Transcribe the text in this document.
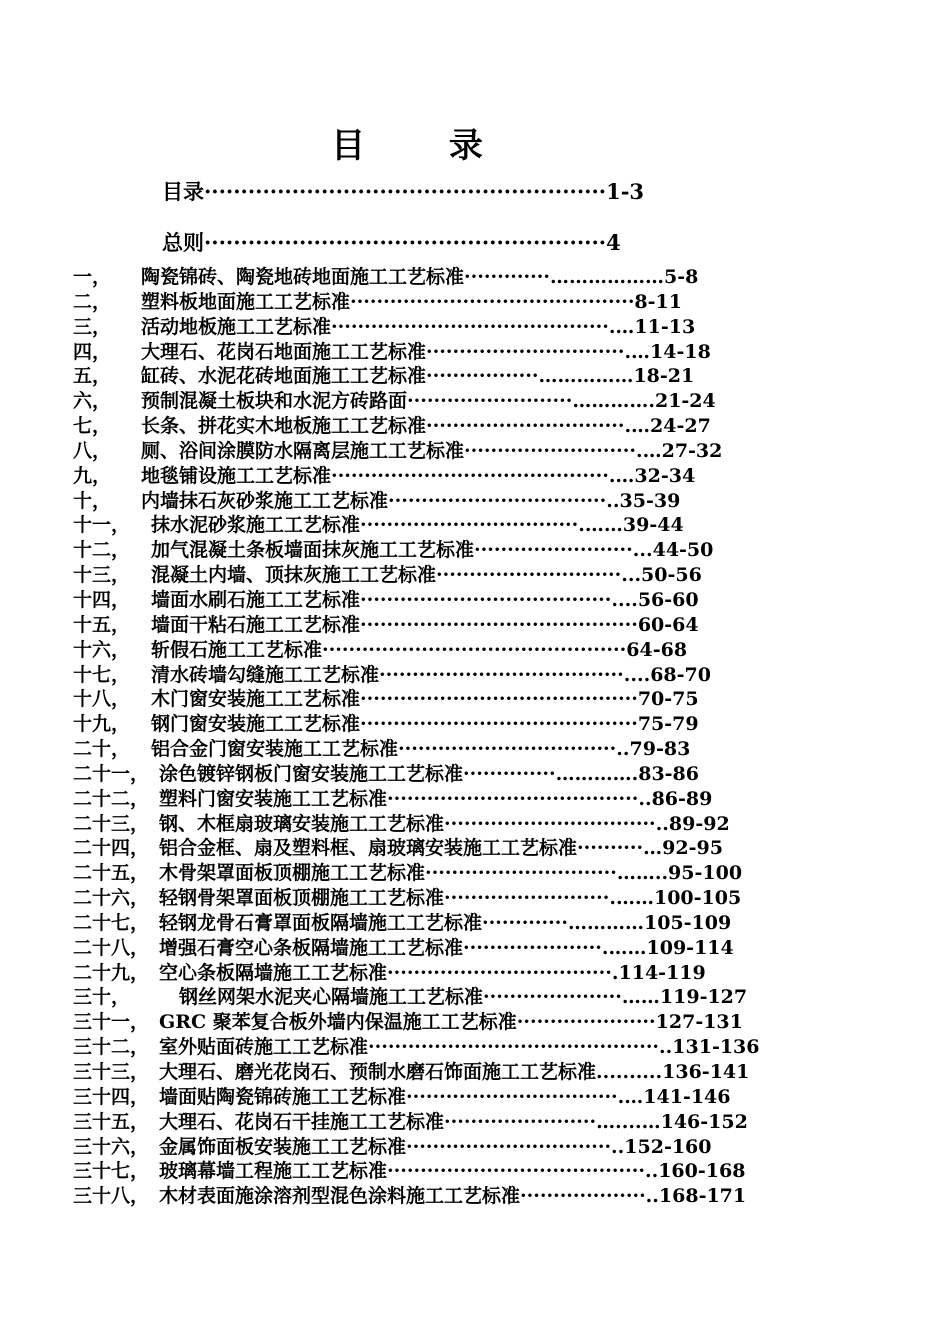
目 录
目录·······················································1-3
总则·······················································4
一， 陶瓷锦砖、陶瓷地砖地面施工工艺标准·············………………5-8
二， 塑料板地面施工工艺标准···········································8-11
三， 活动地板施工工艺标准··········································.…11-13
四， 大理石、花岗石地面施工工艺标准······························.…14-18
五， 缸砖、水泥花砖地面施工工艺标准·················……………18-21
六， 预制混凝土板块和水泥方砖路面·························………….21-24
七， 长条、拼花实木地板施工工艺标准······························.…24-27
八， 厕、浴间涂膜防水隔离层施工工艺标准··························.…27-32
九， 地毯铺设施工工艺标准··········································.…32-34
十， 内墙抹石灰砂浆施工工艺标准·································..35-39
十一， 抹水泥砂浆施工工艺标准·································.……39-44
十二， 加气混凝土条板墙面抹灰施工工艺标准························...44-50
十三， 混凝土内墙、顶抹灰施工工艺标准····························...50-56
十四， 墙面水刷石施工工艺标准······································....56-60
十五， 墙面干粘石施工工艺标准··········································60-64
十六， 斩假石施工工艺标准··············································64-68
十七， 清水砖墙勾缝施工工艺标准·····································....68-70
十八， 木门窗安装施工工艺标准··········································70-75
十九， 钢门窗安装施工工艺标准··········································75-79
二十， 铝合金门窗安装施工工艺标准·································..79-83
二十一， 涂色镀锌钢板门窗安装施工工艺标准··············………….83-86
二十二， 塑料门窗安装施工工艺标准······································..86-89
二十三， 钢、木框扇玻璃安装施工工艺标准································..89-92
二十四， 铝合金框、扇及塑料框、扇玻璃安装施工工艺标准··········…92-95
二十五， 木骨架罩面板顶棚施工工艺标准·····························……..95-100
二十六， 轻钢骨架罩面板顶棚施工工艺标准·························.……100-105
二十七， 轻钢龙骨石膏罩面板隔墙施工工艺标准·············…………105-109
二十八， 增强石膏空心条板隔墙施工工艺标准·····················.……109-114
二十九， 空心条板隔墙施工工艺标准··································.114-119
三十，	钢丝网架水泥夹心隔墙施工工艺标准·····················……119-127
三十一， GRC 聚苯复合板外墙内保温施工工艺标准·····················127-131
三十二， 室外贴面砖施工工艺标准············································..131-136
三十三， 大理石、磨光花岗石、预制水磨石饰面施工工艺标准..........136-141
三十四， 墙面贴陶瓷锦砖施工工艺标准································.…141-146
三十五， 大理石、花岗石干挂施工工艺标准·······················…....…146-152
三十六， 金属饰面板安装施工工艺标准·······························..152-160
三十七， 玻璃幕墙工程施工工艺标准·······································..160-168
三十八， 木材表面施涂溶剂型混色涂料施工工艺标准···················..168-171
